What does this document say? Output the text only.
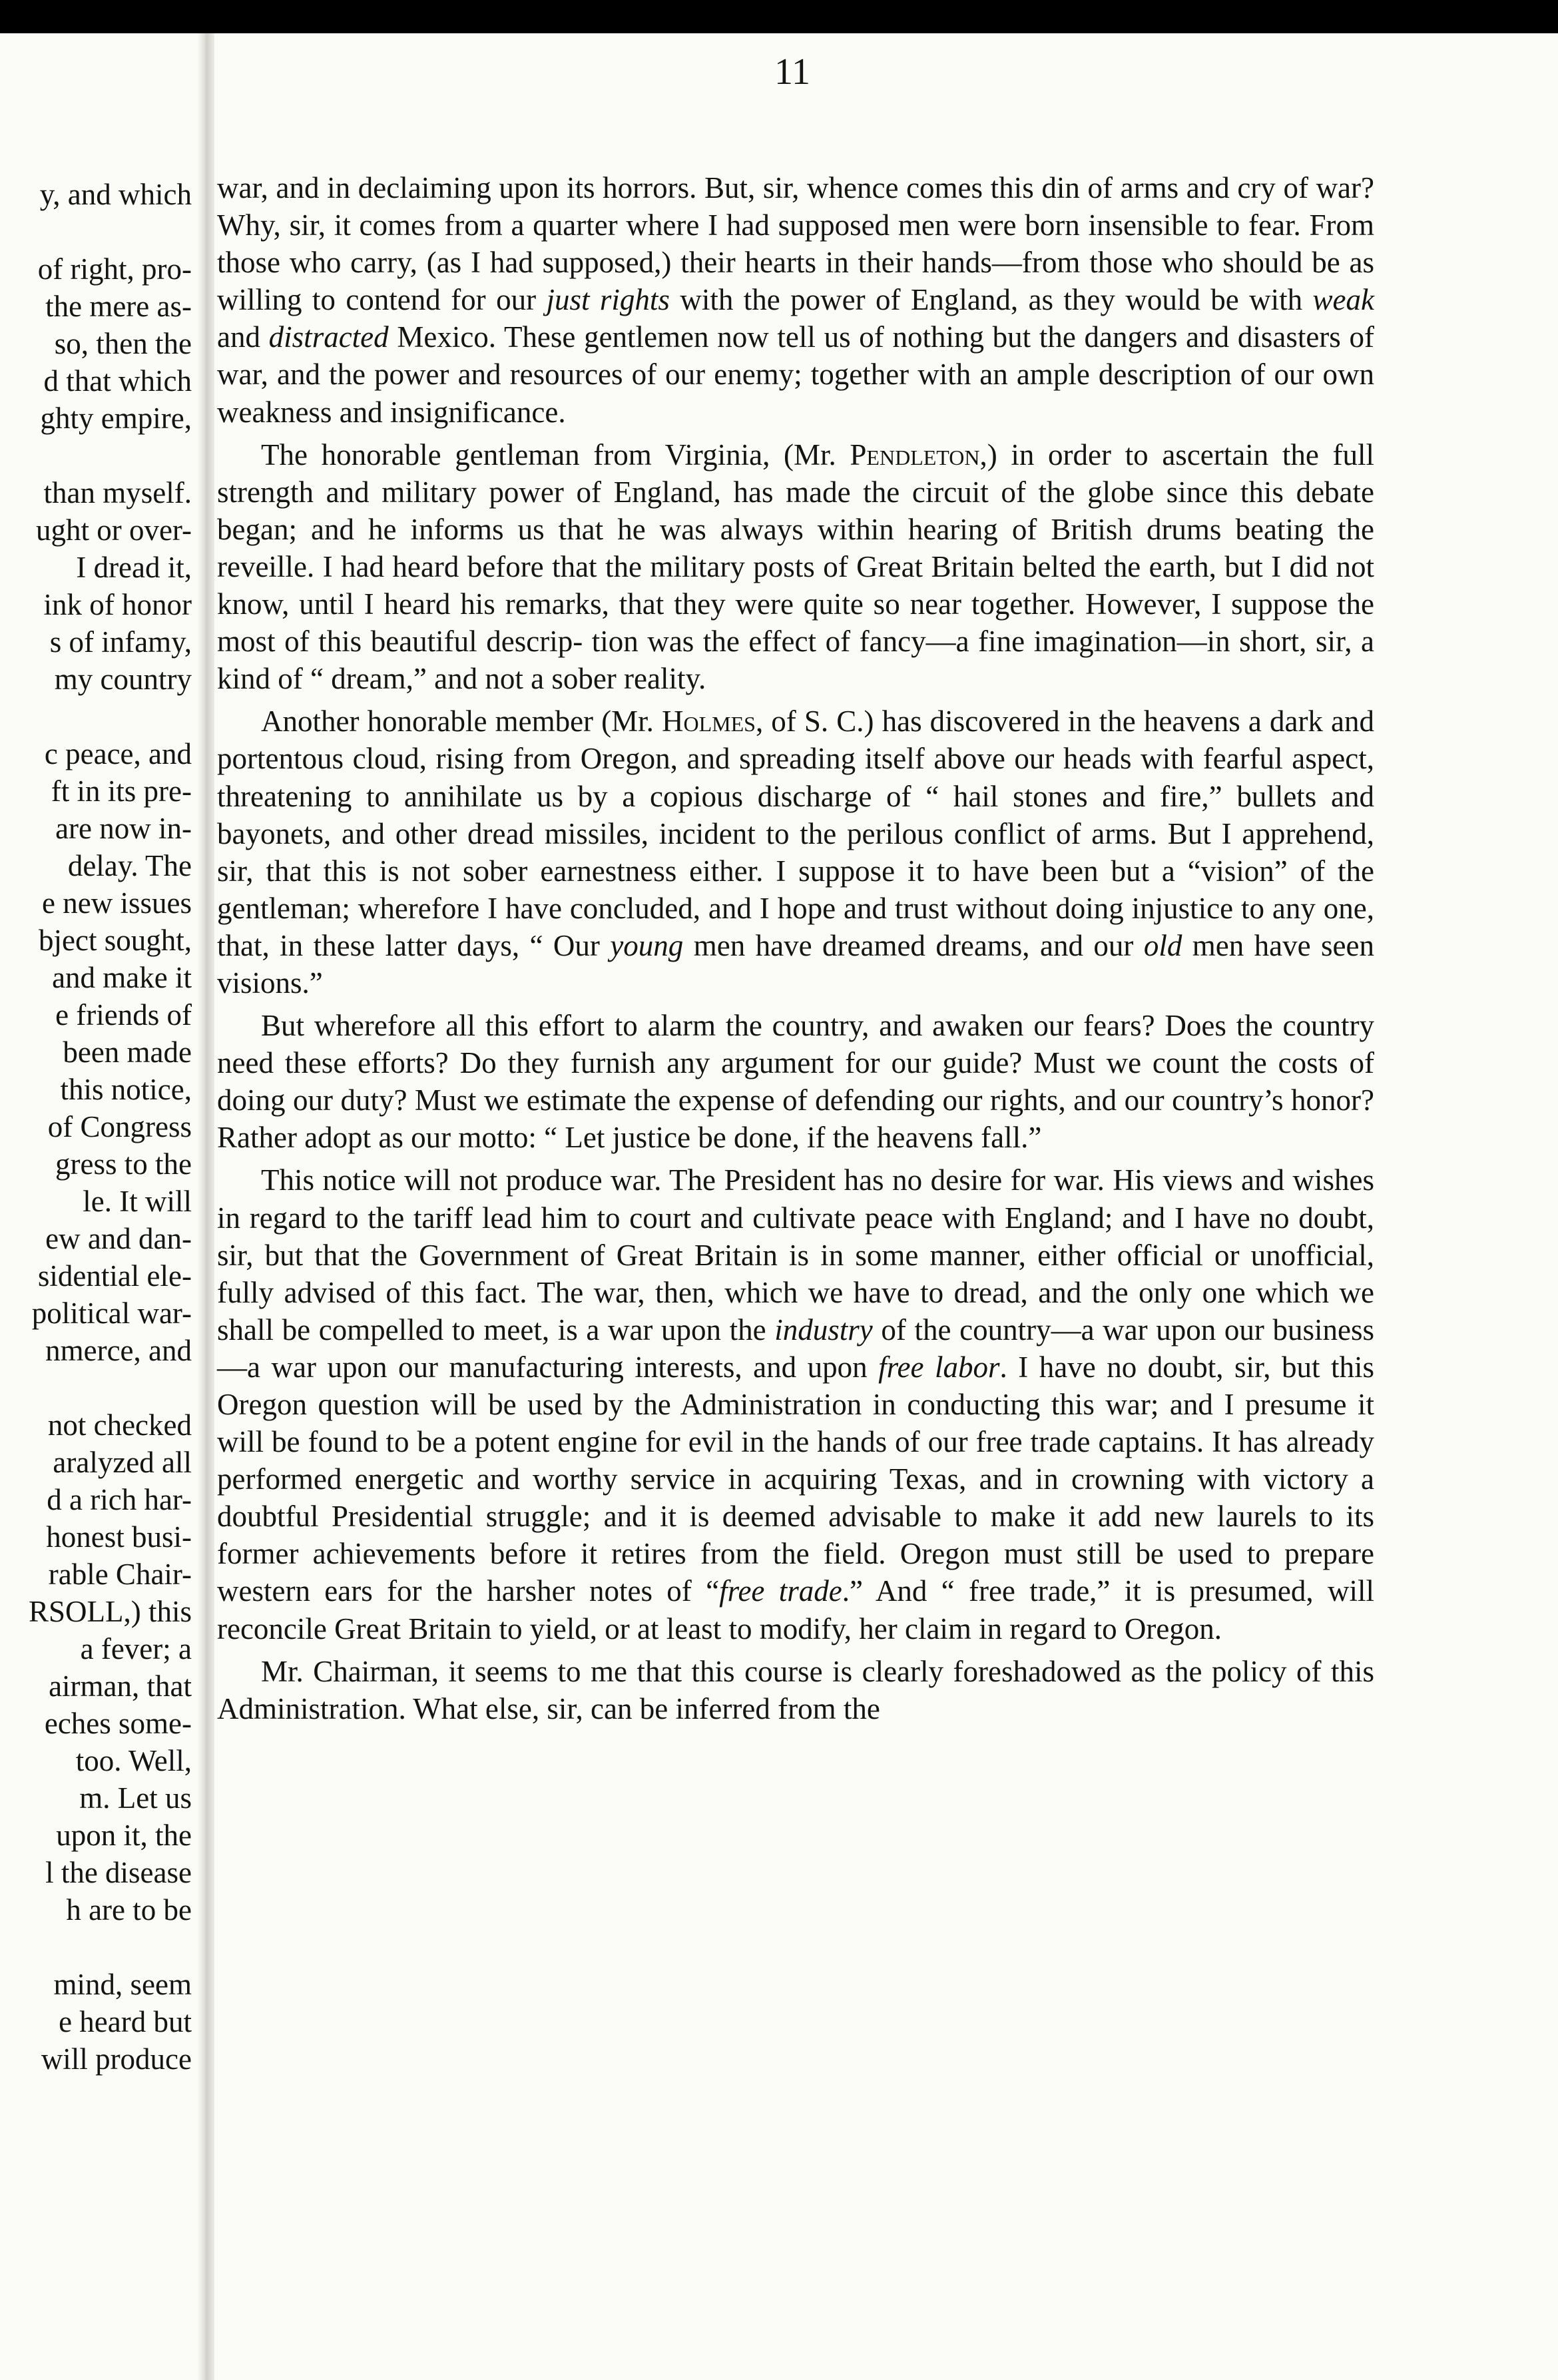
11
y, and which
of right, pro-
the mere as-
so, then the
d that which
ghty empire,
than myself.
ught or over-
I dread it,
ink of honor
s of infamy,
my country
c peace, and
ft in its pre-
are now in-
delay. The
e new issues
bject sought,
and make it
e friends of
been made
this notice,
of Congress
gress to the
le. It will
ew and dan-
sidential ele-
political war-
nmerce, and
not checked
aralyzed all
d a rich har-
honest busi-
rable Chair-
RSOLL,) this
a fever; a
airman, that
eches some-
too. Well,
m. Let us
upon it, the
l the disease
h are to be
mind, seem
e heard but
will produce

war, and in declaiming upon its horrors. But, sir, whence comes this din of arms and cry of war? Why, sir, it comes from a quarter where I had supposed men were born insensible to fear. From those who carry, (as I had supposed,) their hearts in their hands—from those who should be as willing to contend for our just rights with the power of England, as they would be with weak and distracted Mexico. These gentlemen now tell us of nothing but the dangers and disasters of war, and the power and resources of our enemy; together with an ample description of our own weakness and insignificance.

The honorable gentleman from Virginia, (Mr. Pendleton,) in order to ascertain the full strength and military power of England, has made the circuit of the globe since this debate began; and he informs us that he was always within hearing of British drums beating the reveille. I had heard before that the military posts of Great Britain belted the earth, but I did not know, until I heard his remarks, that they were quite so near together. However, I suppose the most of this beautiful descrip- tion was the effect of fancy—a fine imagination—in short, sir, a kind of “ dream,” and not a sober reality.

Another honorable member (Mr. Holmes, of S. C.) has discovered in the heavens a dark and portentous cloud, rising from Oregon, and spreading itself above our heads with fearful aspect, threatening to annihilate us by a copious discharge of “ hail stones and fire,” bullets and bayonets, and other dread missiles, incident to the perilous conflict of arms. But I apprehend, sir, that this is not sober earnestness either. I suppose it to have been but a “vision” of the gentleman; wherefore I have concluded, and I hope and trust without doing injustice to any one, that, in these latter days, “ Our young men have dreamed dreams, and our old men have seen visions.”

But wherefore all this effort to alarm the country, and awaken our fears? Does the country need these efforts? Do they furnish any argument for our guide? Must we count the costs of doing our duty? Must we estimate the expense of defending our rights, and our country’s honor? Rather adopt as our motto: “ Let justice be done, if the heavens fall.”

This notice will not produce war. The President has no desire for war. His views and wishes in regard to the tariff lead him to court and cultivate peace with England; and I have no doubt, sir, but that the Government of Great Britain is in some manner, either official or unofficial, fully advised of this fact. The war, then, which we have to dread, and the only one which we shall be compelled to meet, is a war upon the industry of the country—a war upon our business—a war upon our manufacturing interests, and upon free labor. I have no doubt, sir, but this Oregon question will be used by the Administration in conducting this war; and I presume it will be found to be a potent engine for evil in the hands of our free trade captains. It has already performed energetic and worthy service in acquiring Texas, and in crowning with victory a doubtful Presidential struggle; and it is deemed advisable to make it add new laurels to its former achievements before it retires from the field. Oregon must still be used to prepare western ears for the harsher notes of “free trade.” And “ free trade,” it is presumed, will reconcile Great Britain to yield, or at least to modify, her claim in regard to Oregon.

Mr. Chairman, it seems to me that this course is clearly foreshadowed as the policy of this Administration. What else, sir, can be inferred from the
